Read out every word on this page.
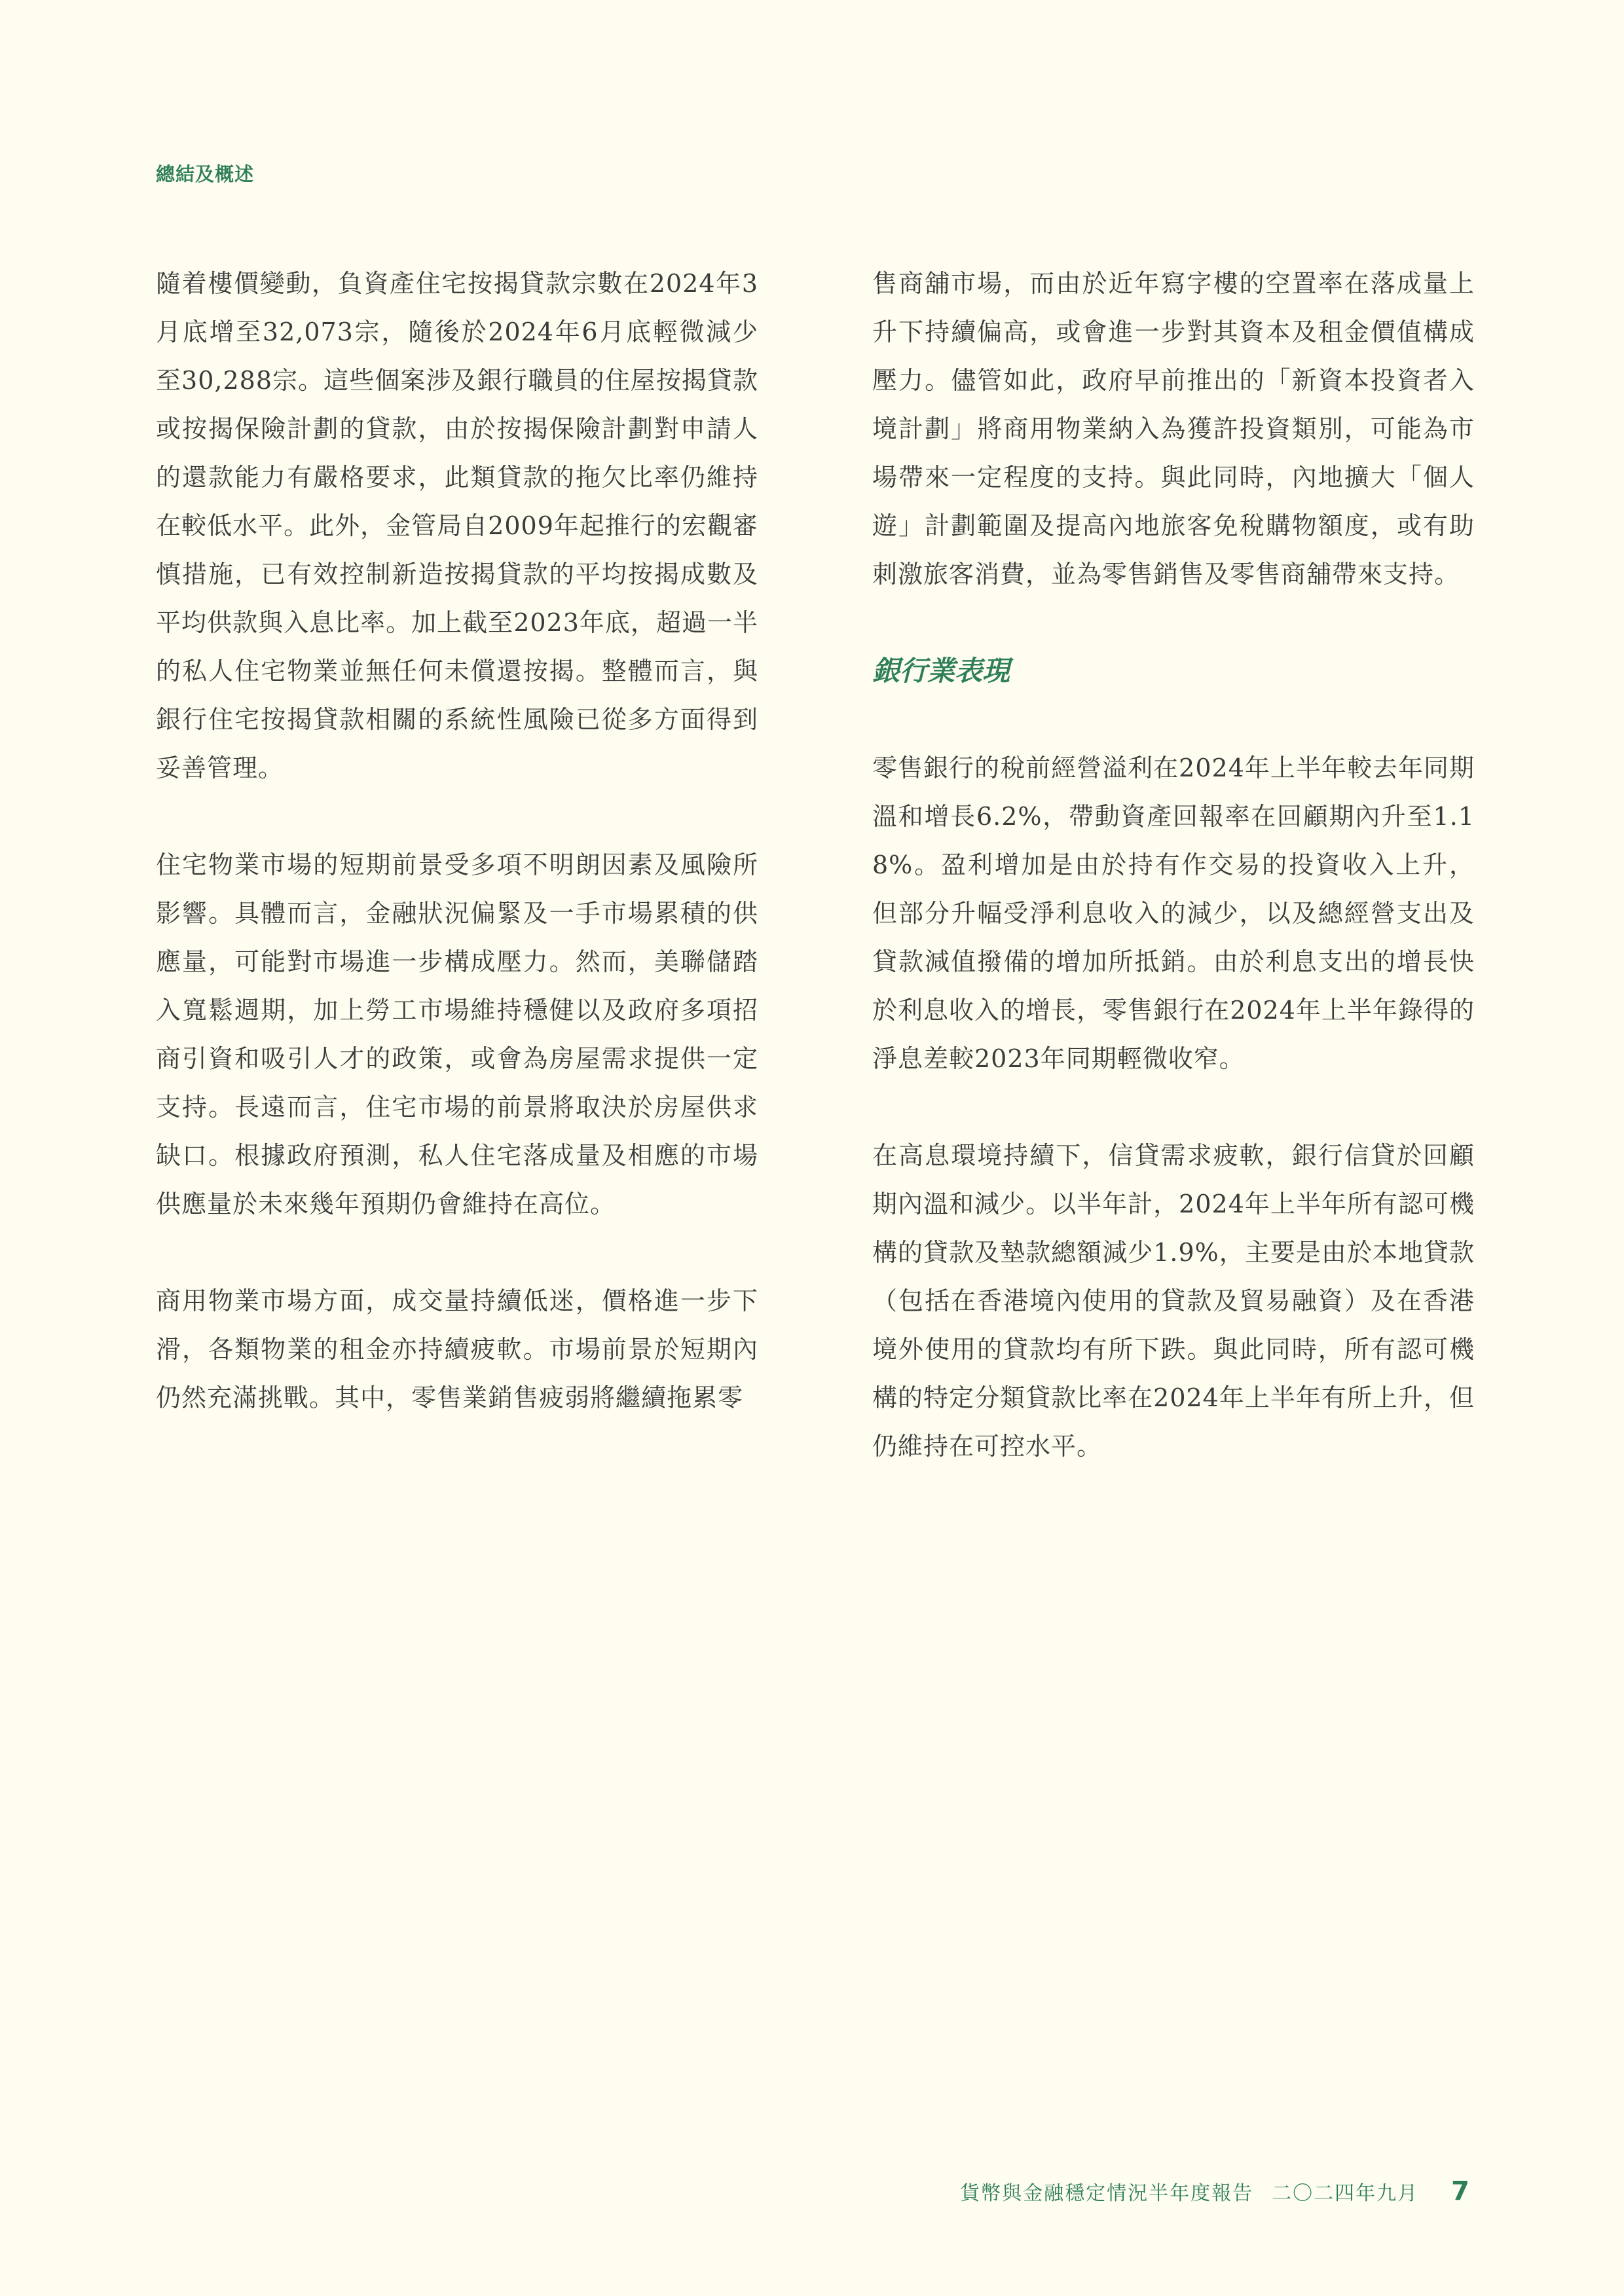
總結及概述

隨着樓價變動，負資產住宅按揭貸款宗數在2024年3月底增至32,073宗，隨後於2024年6月底輕微減少至30,288宗。這些個案涉及銀行職員的住屋按揭貸款或按揭保險計劃的貸款，由於按揭保險計劃對申請人的還款能力有嚴格要求，此類貸款的拖欠比率仍維持在較低水平。此外，金管局自2009年起推行的宏觀審慎措施，已有效控制新造按揭貸款的平均按揭成數及平均供款與入息比率。加上截至2023年底，超過一半的私人住宅物業並無任何未償還按揭。整體而言，與銀行住宅按揭貸款相關的系統性風險已從多方面得到妥善管理。

住宅物業市場的短期前景受多項不明朗因素及風險所影響。具體而言，金融狀況偏緊及一手市場累積的供應量，可能對市場進一步構成壓力。然而，美聯儲踏入寬鬆週期，加上勞工市場維持穩健以及政府多項招商引資和吸引人才的政策，或會為房屋需求提供一定支持。長遠而言，住宅市場的前景將取決於房屋供求缺口。根據政府預測，私人住宅落成量及相應的市場供應量於未來幾年預期仍會維持在高位。

商用物業市場方面，成交量持續低迷，價格進一步下滑，各類物業的租金亦持續疲軟。市場前景於短期內仍然充滿挑戰。其中，零售業銷售疲弱將繼續拖累零

售商舖市場，而由於近年寫字樓的空置率在落成量上升下持續偏高，或會進一步對其資本及租金價值構成壓力。儘管如此，政府早前推出的「新資本投資者入境計劃」將商用物業納入為獲許投資類別，可能為市場帶來一定程度的支持。與此同時，內地擴大「個人遊」計劃範圍及提高內地旅客免稅購物額度，或有助刺激旅客消費，並為零售銷售及零售商舖帶來支持。

銀行業表現

零售銀行的稅前經營溢利在2024年上半年較去年同期溫和增長6.2%，帶動資產回報率在回顧期內升至1.18%。盈利增加是由於持有作交易的投資收入上升，但部分升幅受淨利息收入的減少，以及總經營支出及貸款減值撥備的增加所抵銷。由於利息支出的增長快於利息收入的增長，零售銀行在2024年上半年錄得的淨息差較2023年同期輕微收窄。

在高息環境持續下，信貸需求疲軟，銀行信貸於回顧期內溫和減少。以半年計，2024年上半年所有認可機構的貸款及墊款總額減少1.9%，主要是由於本地貸款（包括在香港境內使用的貸款及貿易融資）及在香港境外使用的貸款均有所下跌。與此同時，所有認可機構的特定分類貸款比率在2024年上半年有所上升，但仍維持在可控水平。

貨幣與金融穩定情況半年度報告 二〇二四年九月 7
